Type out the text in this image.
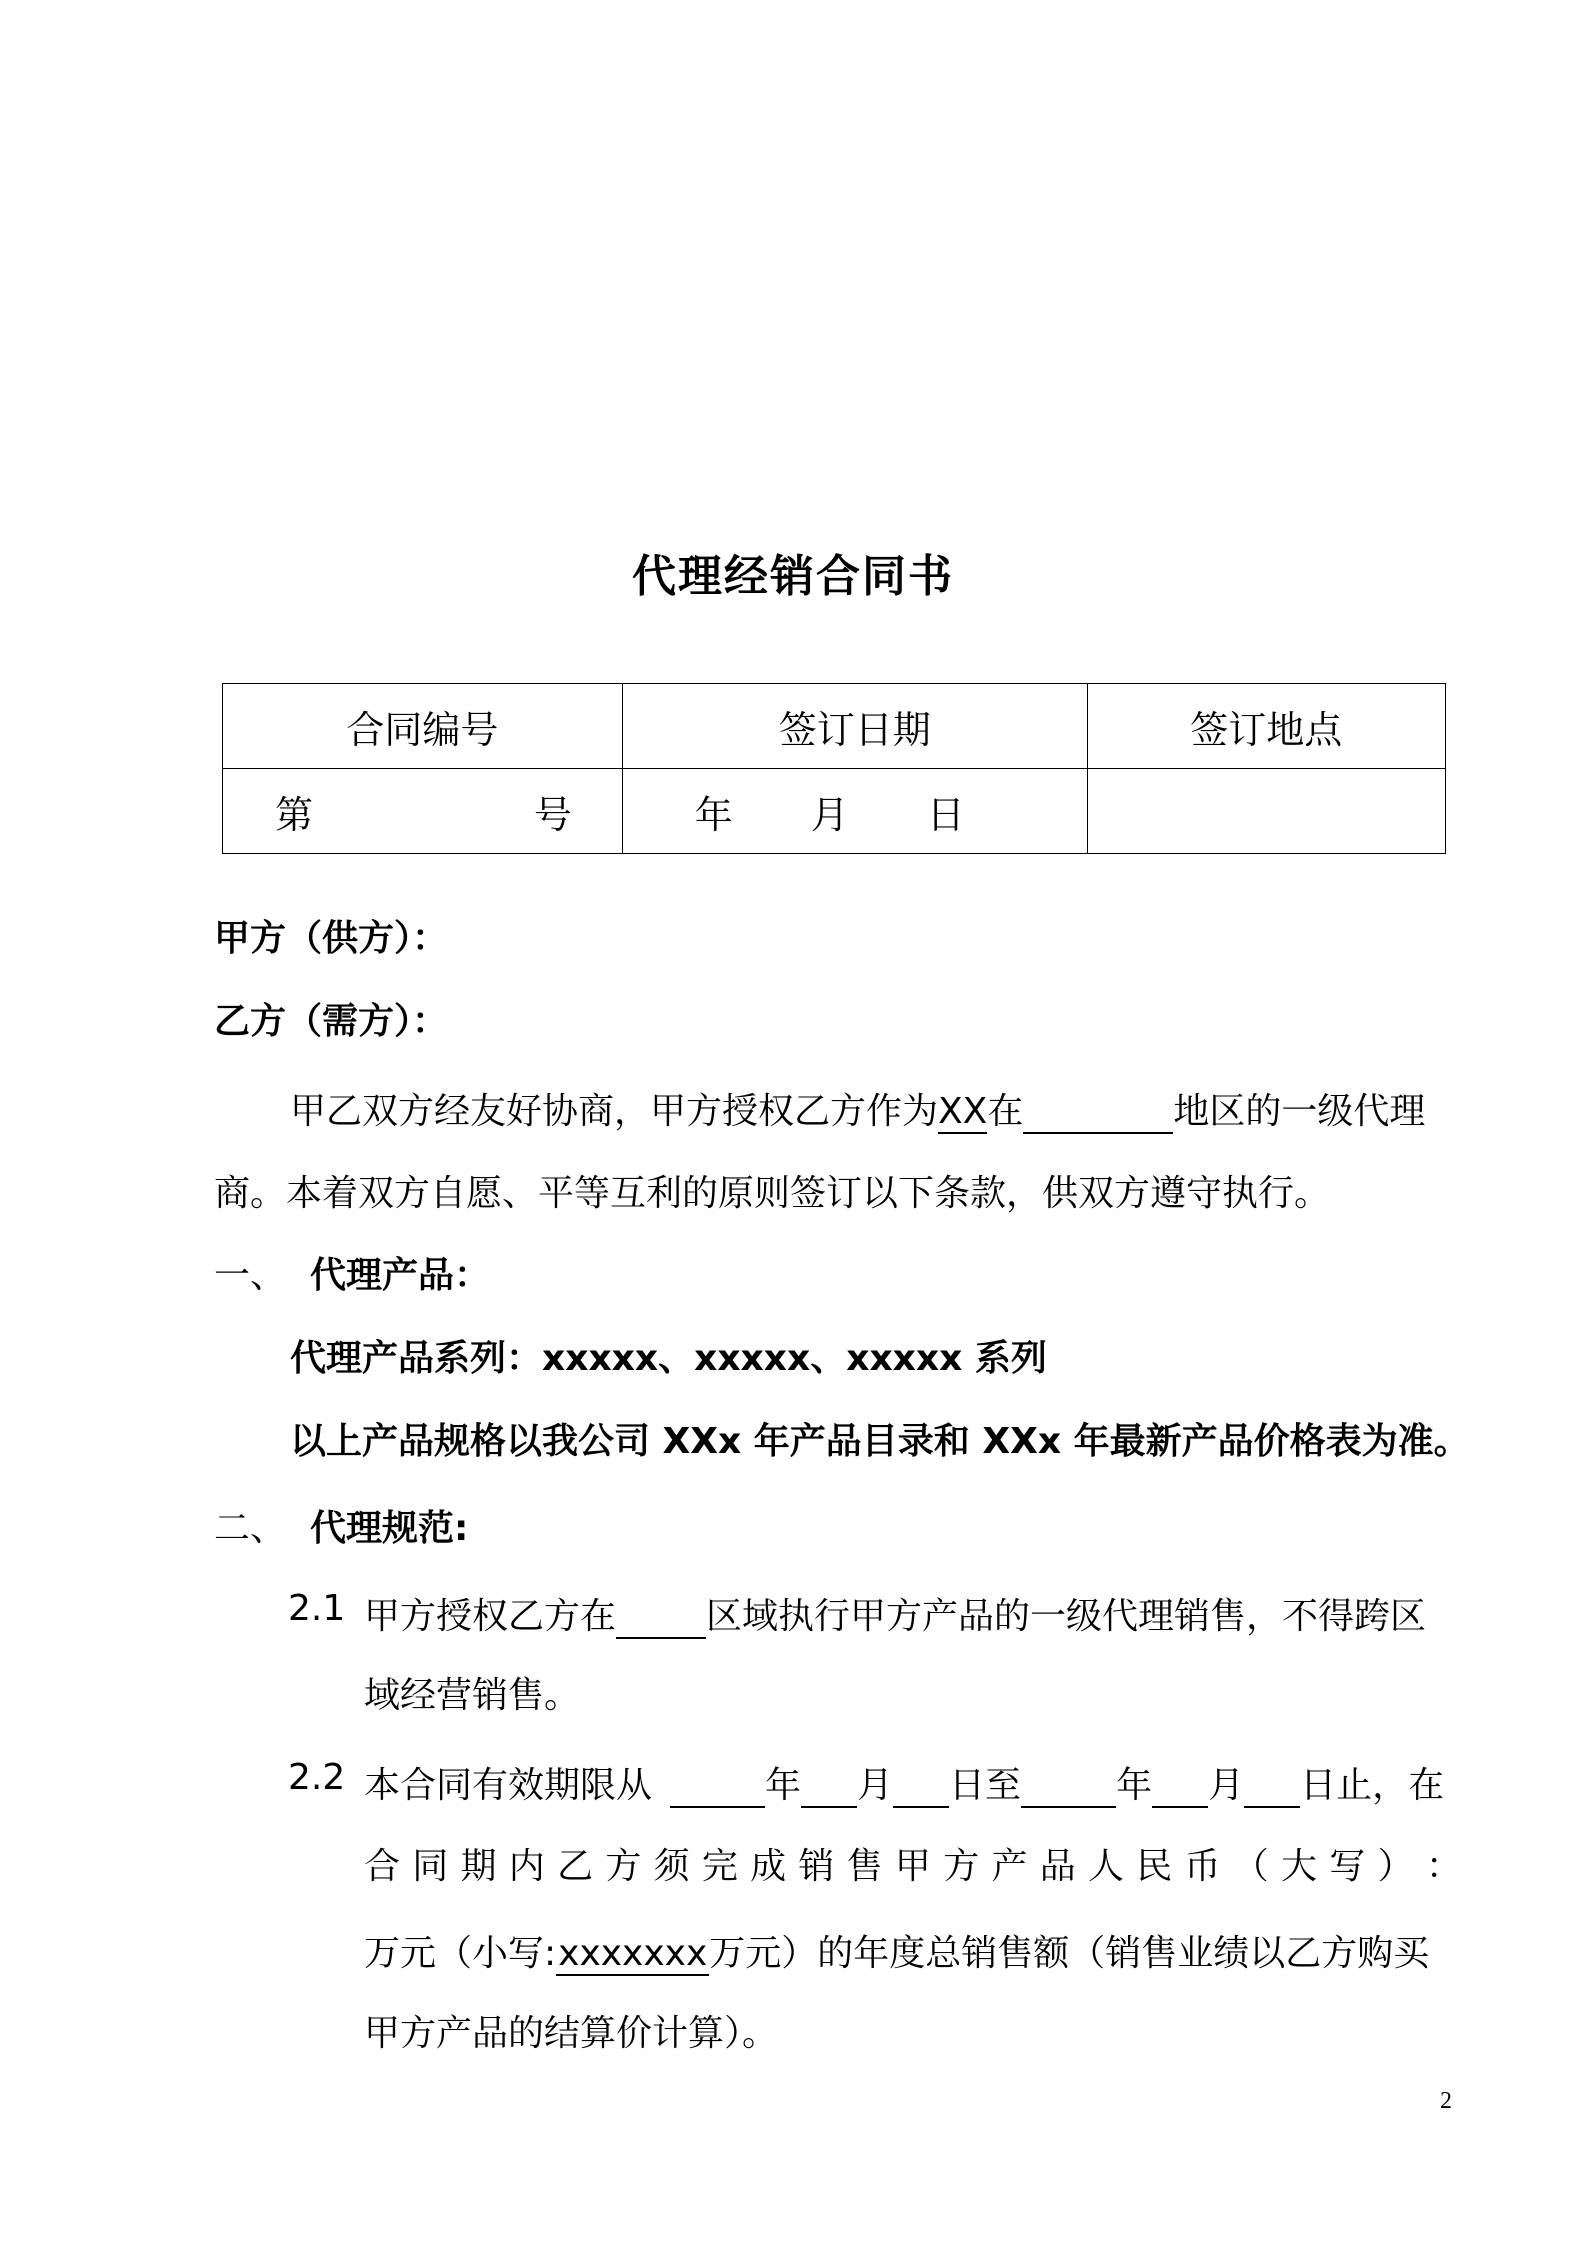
代理经销合同书
合同编号	签订日期	签订地点

第 号	年 月 日	

甲方（供方）：
乙方（需方）：
甲乙双方经友好协商，甲方授权乙方作为XX在	地区的一级代理
商。本着双方自愿、平等互利的原则签订以下条款，供双方遵守执行。
一、 代理产品：
代理产品系列：xxxxx、xxxxx、xxxxx 系列
以上产品规格以我公司 XXx 年产品目录和 XXx 年最新产品价格表为准。
二、 代理规范:
2.1 甲方授权乙方在	区域执行甲方产品的一级代理销售，不得跨区
域经营销售。
2.2 本合同有效期限从	年 月 日至	年 月 日止，在
合 同 期 内 乙 方 须 完 成 销 售 甲 方 产 品 人 民 币 （ 大 写 ） ：
万元（小写:xxxxxxx万元）的年度总销售额（销售业绩以乙方购买
甲方产品的结算价计算）。
2
